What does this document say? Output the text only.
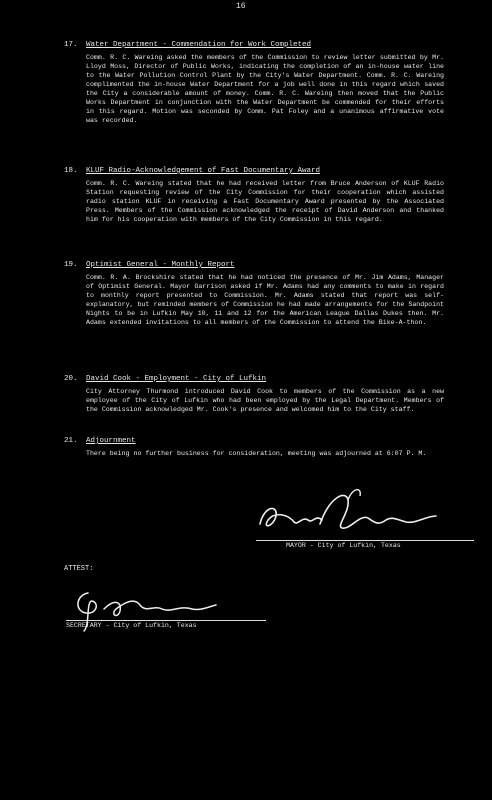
16
17. Water Department - Commendation for Work Completed
Comm. R. C. Wareing asked the members of the Commission to review letter submitted by Mr. Lloyd Moss, Director of Public Works, indicating the completion of an in-house water line to the Water Pollution Control Plant by the City's Water Department. Comm. R. C. Wareing complimented the in-house Water Department for a job well done in this regard which saved the City a considerable amount of money. Comm. R. C. Wareing then moved that the Public Works Department in conjunction with the Water Department be commended for their efforts in this regard. Motion was seconded by Comm. Pat Foley and a unanimous affirmative vote was recorded.
18. KLUF Radio-Acknowledgement of Fast Documentary Award
Comm. R. C. Wareing stated that he had received letter from Bruce Anderson of KLUF Radio Station requesting review of the City Commission for their cooperation which assisted radio station KLUF in receiving a Fast Documentary Award presented by the Associated Press. Members of the Commission acknowledged the receipt of David Anderson and thanked him for his cooperation with members of the City Commission in this regard.
19. Optimist General - Monthly Report
Comm. R. A. Brockshire stated that he had noticed the presence of Mr. Jim Adams, Manager of Optimist General. Mayor Garrison asked if Mr. Adams had any comments to make in regard to monthly report presented to Commission. Mr. Adams stated that report was self-explanatory, but reminded members of Commission he had made arrangements for the Sandpoint Nights to be in Lufkin May 10, 11 and 12 for the American League Dallas Dukes then. Mr. Adams extended invitations to all members of the Commission to attend the Bike-A-thon.
20. David Cook - Employment - City of Lufkin
City Attorney Thurmond introduced David Cook to members of the Commission as a new employee of the City of Lufkin who had been employed by the Legal Department. Members of the Commission acknowledged Mr. Cook's presence and welcomed him to the City staff.
21. Adjournment
There being no further business for consideration, meeting was adjourned at 6:07 P. M.
MAYOR - City of Lufkin, Texas
ATTEST:
SECRETARY - City of Lufkin, Texas
